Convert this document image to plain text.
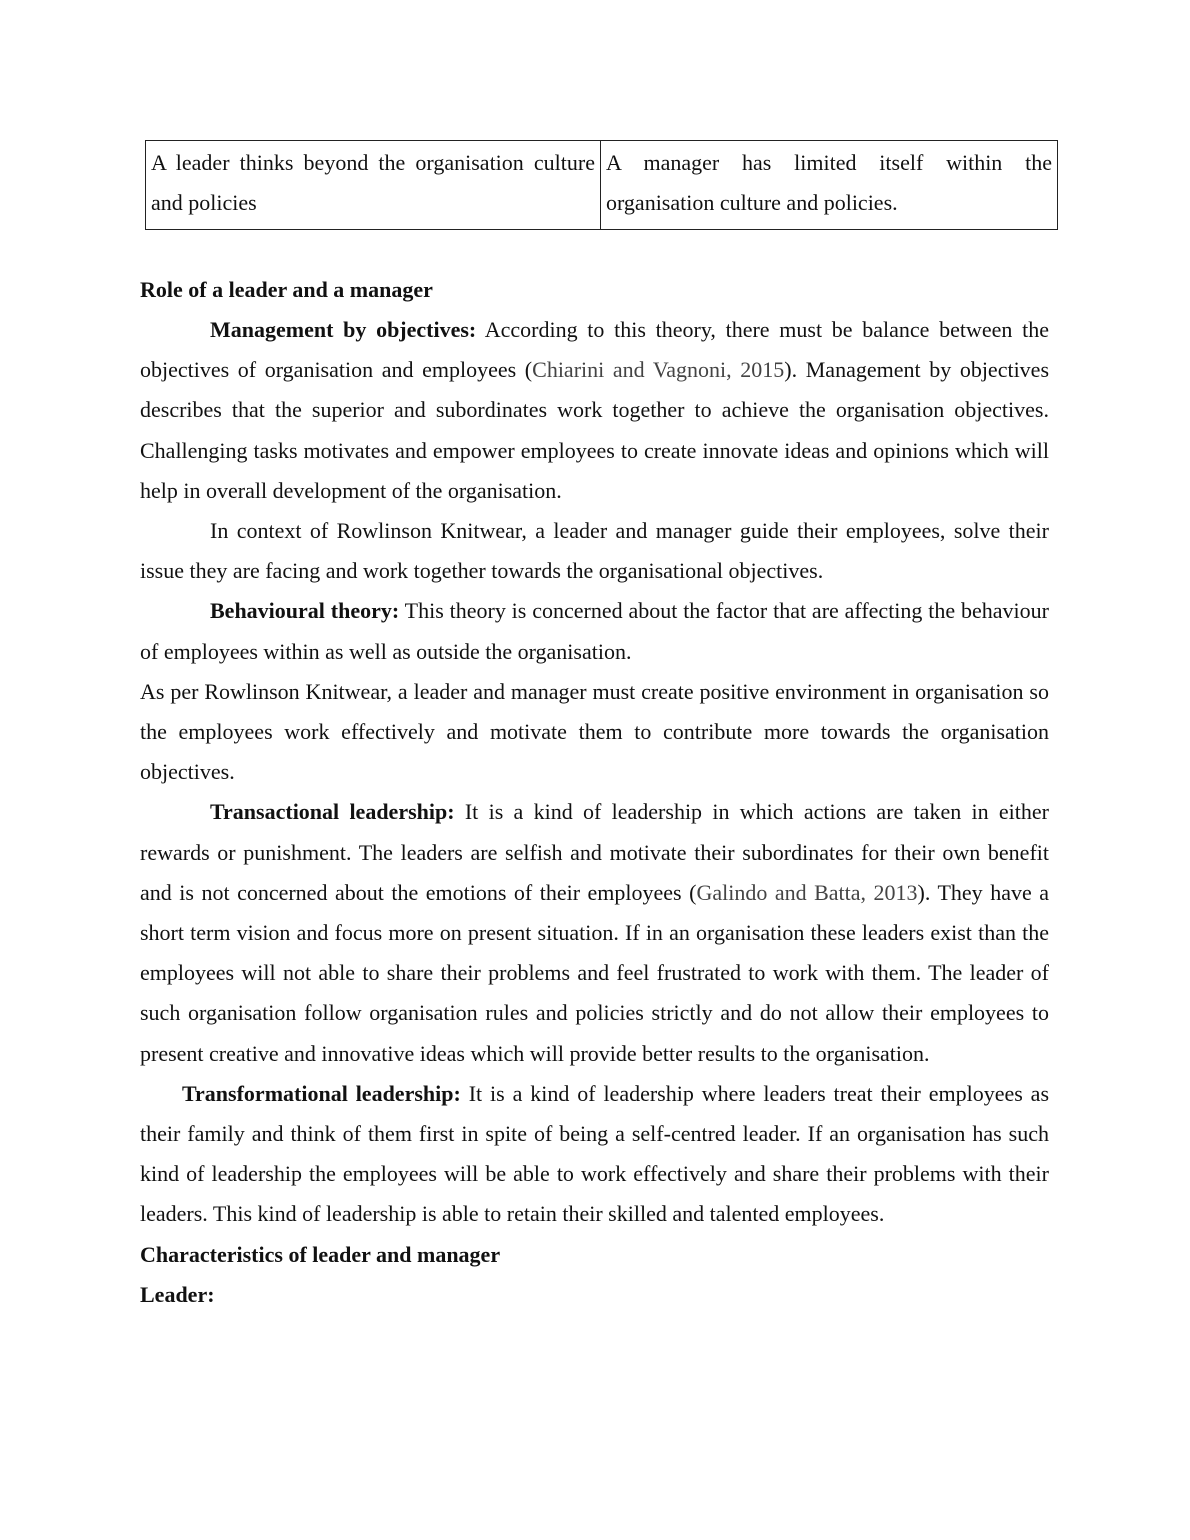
A leader thinks beyond the organisation culture and policies	A manager has limited itself within the organisation culture and policies.

Role of a leader and a manager

Management by objectives: According to this theory, there must be balance between the objectives of organisation and employees (Chiarini and Vagnoni, 2015). Management by objectives describes that the superior and subordinates work together to achieve the organisation objectives. Challenging tasks motivates and empower employees to create innovate ideas and opinions which will help in overall development of the organisation.

In context of Rowlinson Knitwear, a leader and manager guide their employees, solve their issue they are facing and work together towards the organisational objectives.

Behavioural theory: This theory is concerned about the factor that are affecting the behaviour of employees within as well as outside the organisation.

As per Rowlinson Knitwear, a leader and manager must create positive environment in organisation so the employees work effectively and motivate them to contribute more towards the organisation objectives.

Transactional leadership: It is a kind of leadership in which actions are taken in either rewards or punishment. The leaders are selfish and motivate their subordinates for their own benefit and is not concerned about the emotions of their employees (Galindo and Batta, 2013). They have a short term vision and focus more on present situation. If in an organisation these leaders exist than the employees will not able to share their problems and feel frustrated to work with them. The leader of such organisation follow organisation rules and policies strictly and do not allow their employees to present creative and innovative ideas which will provide better results to the organisation.

Transformational leadership: It is a kind of leadership where leaders treat their employees as their family and think of them first in spite of being a self-centred leader. If an organisation has such kind of leadership the employees will be able to work effectively and share their problems with their leaders. This kind of leadership is able to retain their skilled and talented employees.

Characteristics of leader and manager

Leader:
